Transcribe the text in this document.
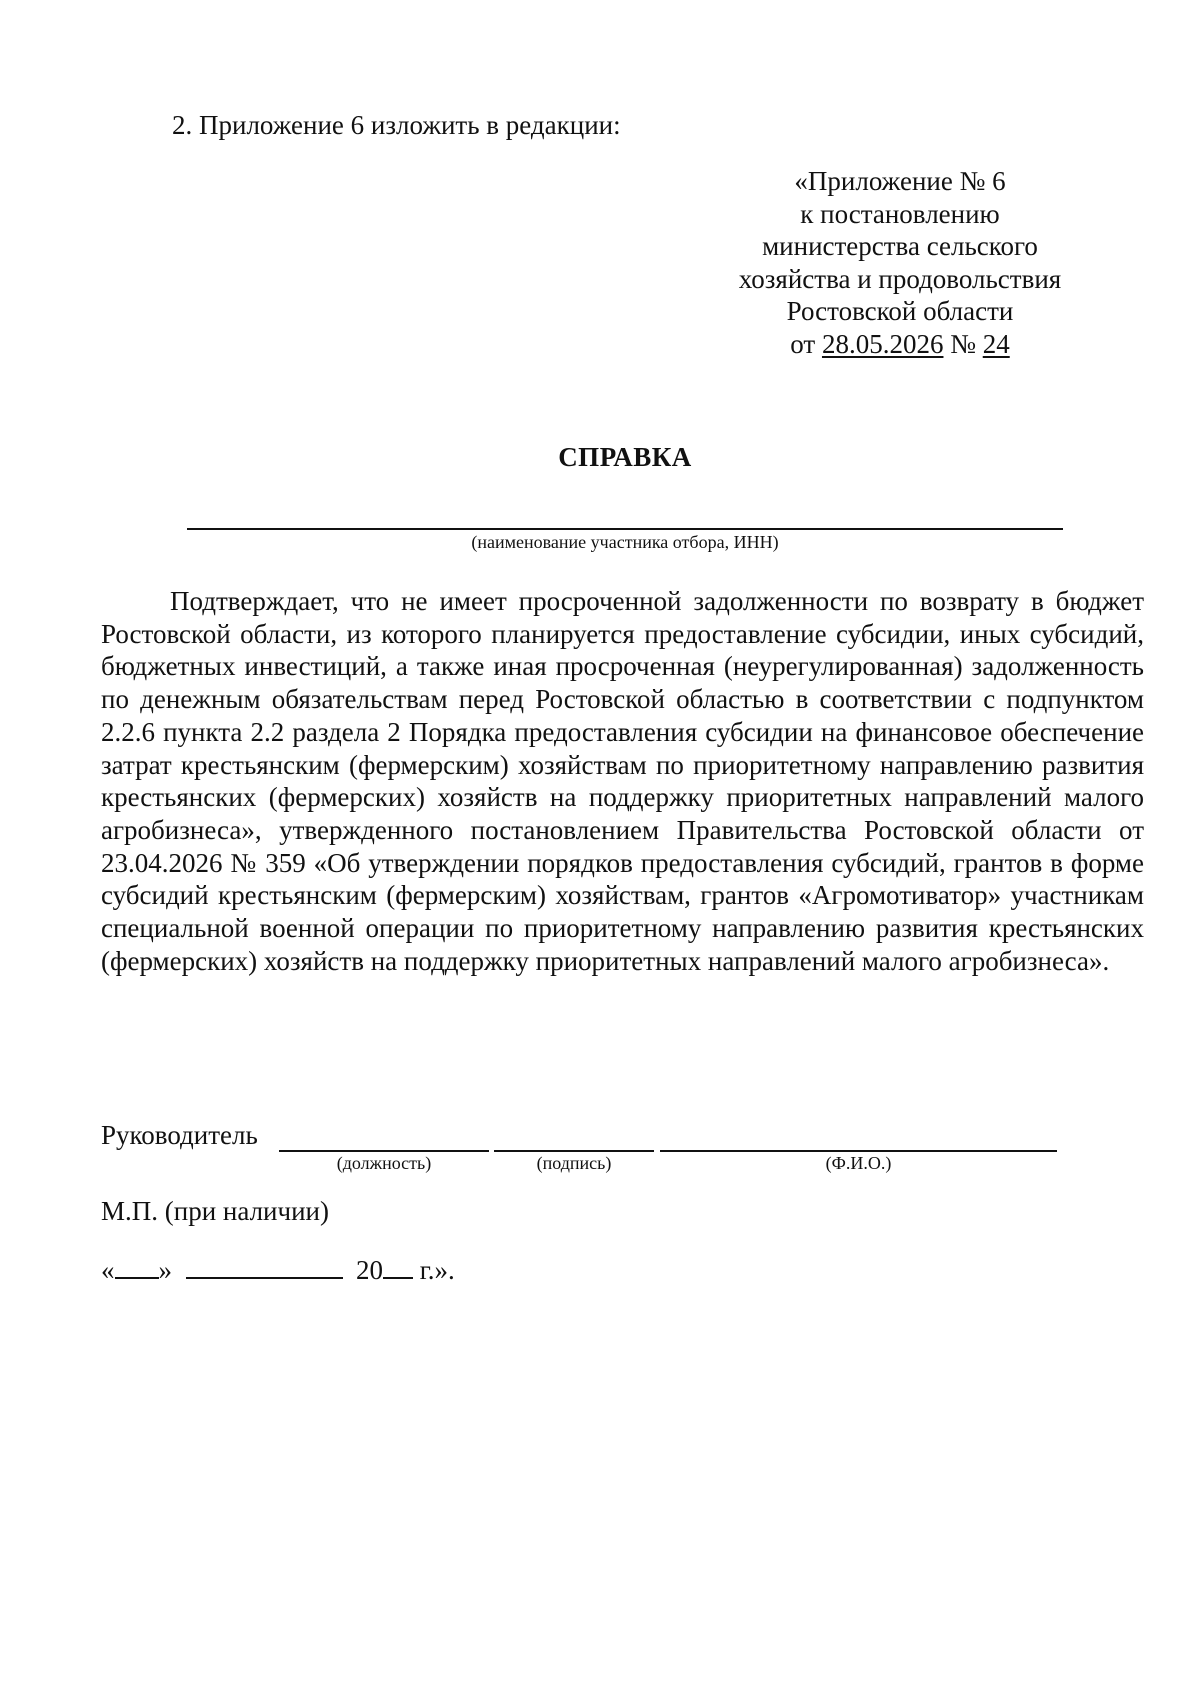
2. Приложение 6 изложить в редакции:
«Приложение № 6
к постановлению
министерства сельского
хозяйства и продовольствия
Ростовской области
от 28.05.2026 № 24
СПРАВКА
(наименование участника отбора, ИНН)
Подтверждает, что не имеет просроченной задолженности по возврату в бюджет Ростовской области, из которого планируется предоставление субсидии, иных субсидий, бюджетных инвестиций, а также иная просроченная (неурегулированная) задолженность по денежным обязательствам перед Ростовской областью в соответствии с подпунктом 2.2.6 пункта 2.2 раздела 2 Порядка предоставления субсидии на финансовое обеспечение затрат крестьянским (фермерским) хозяйствам по приоритетному направлению развития крестьянских (фермерских) хозяйств на поддержку приоритетных направлений малого агробизнеса», утвержденного постановлением Правительства Ростовской области от 23.04.2026 № 359 «Об утверждении порядков предоставления субсидий, грантов в форме субсидий крестьянским (фермерским) хозяйствам, грантов «Агромотиватор» участникам специальной военной операции по приоритетному направлению развития крестьянских (фермерских) хозяйств на поддержку приоритетных направлений малого агробизнеса».
Руководитель
(должность)	(подпись)	(Ф.И.О.)
М.П. (при наличии)
« »	20 г.».
